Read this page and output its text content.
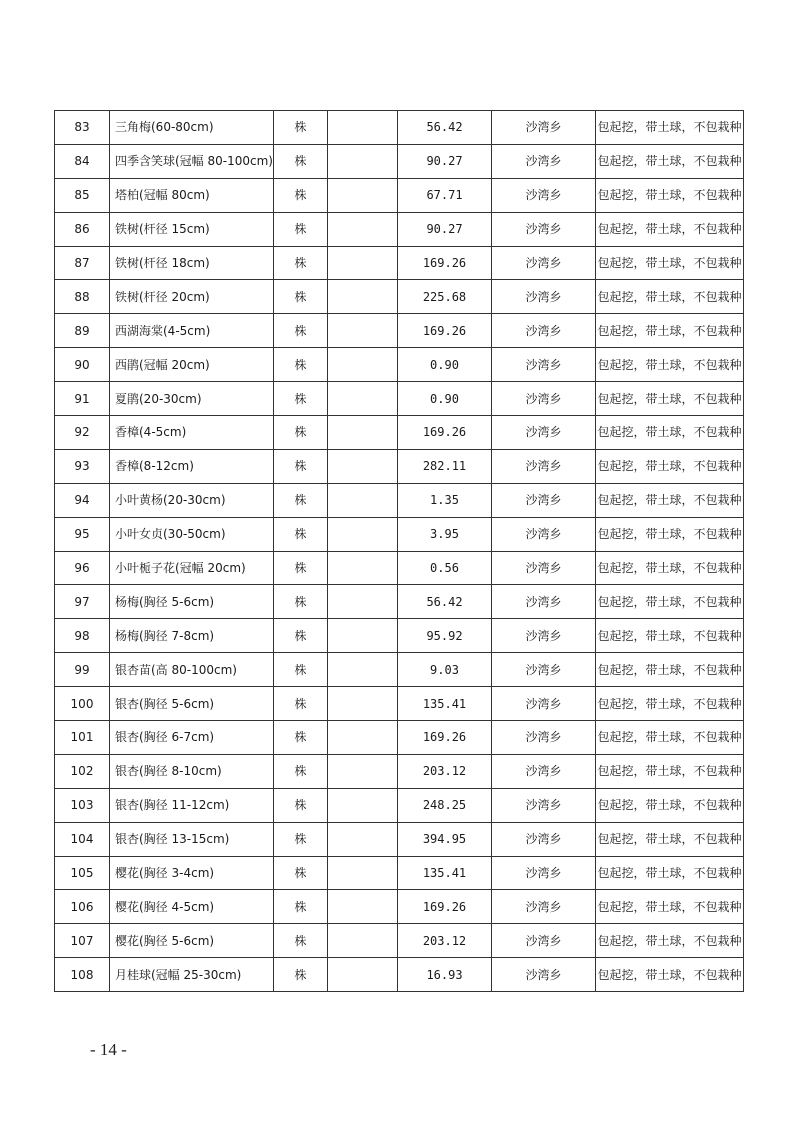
83	三角梅(60-80cm)	株		56.42	沙湾乡	包起挖，带土球，不包栽种
84	四季含笑球(冠幅 80-100cm)	株		90.27	沙湾乡	包起挖，带土球，不包栽种
85	塔柏(冠幅 80cm)	株		67.71	沙湾乡	包起挖，带土球，不包栽种
86	铁树(杆径 15cm)	株		90.27	沙湾乡	包起挖，带土球，不包栽种
87	铁树(杆径 18cm)	株		169.26	沙湾乡	包起挖，带土球，不包栽种
88	铁树(杆径 20cm)	株		225.68	沙湾乡	包起挖，带土球，不包栽种
89	西湖海棠(4-5cm)	株		169.26	沙湾乡	包起挖，带土球，不包栽种
90	西鹃(冠幅 20cm)	株		0.90	沙湾乡	包起挖，带土球，不包栽种
91	夏鹃(20-30cm)	株		0.90	沙湾乡	包起挖，带土球，不包栽种
92	香樟(4-5cm)	株		169.26	沙湾乡	包起挖，带土球，不包栽种
93	香樟(8-12cm)	株		282.11	沙湾乡	包起挖，带土球，不包栽种
94	小叶黄杨(20-30cm)	株		1.35	沙湾乡	包起挖，带土球，不包栽种
95	小叶女贞(30-50cm)	株		3.95	沙湾乡	包起挖，带土球，不包栽种
96	小叶栀子花(冠幅 20cm)	株		0.56	沙湾乡	包起挖，带土球，不包栽种
97	杨梅(胸径 5-6cm)	株		56.42	沙湾乡	包起挖，带土球，不包栽种
98	杨梅(胸径 7-8cm)	株		95.92	沙湾乡	包起挖，带土球，不包栽种
99	银杏苗(高 80-100cm)	株		9.03	沙湾乡	包起挖，带土球，不包栽种
100	银杏(胸径 5-6cm)	株		135.41	沙湾乡	包起挖，带土球，不包栽种
101	银杏(胸径 6-7cm)	株		169.26	沙湾乡	包起挖，带土球，不包栽种
102	银杏(胸径 8-10cm)	株		203.12	沙湾乡	包起挖，带土球，不包栽种
103	银杏(胸径 11-12cm)	株		248.25	沙湾乡	包起挖，带土球，不包栽种
104	银杏(胸径 13-15cm)	株		394.95	沙湾乡	包起挖，带土球，不包栽种
105	樱花(胸径 3-4cm)	株		135.41	沙湾乡	包起挖，带土球，不包栽种
106	樱花(胸径 4-5cm)	株		169.26	沙湾乡	包起挖，带土球，不包栽种
107	樱花(胸径 5-6cm)	株		203.12	沙湾乡	包起挖，带土球，不包栽种
108	月桂球(冠幅 25-30cm)	株		16.93	沙湾乡	包起挖，带土球，不包栽种
- 14 -
